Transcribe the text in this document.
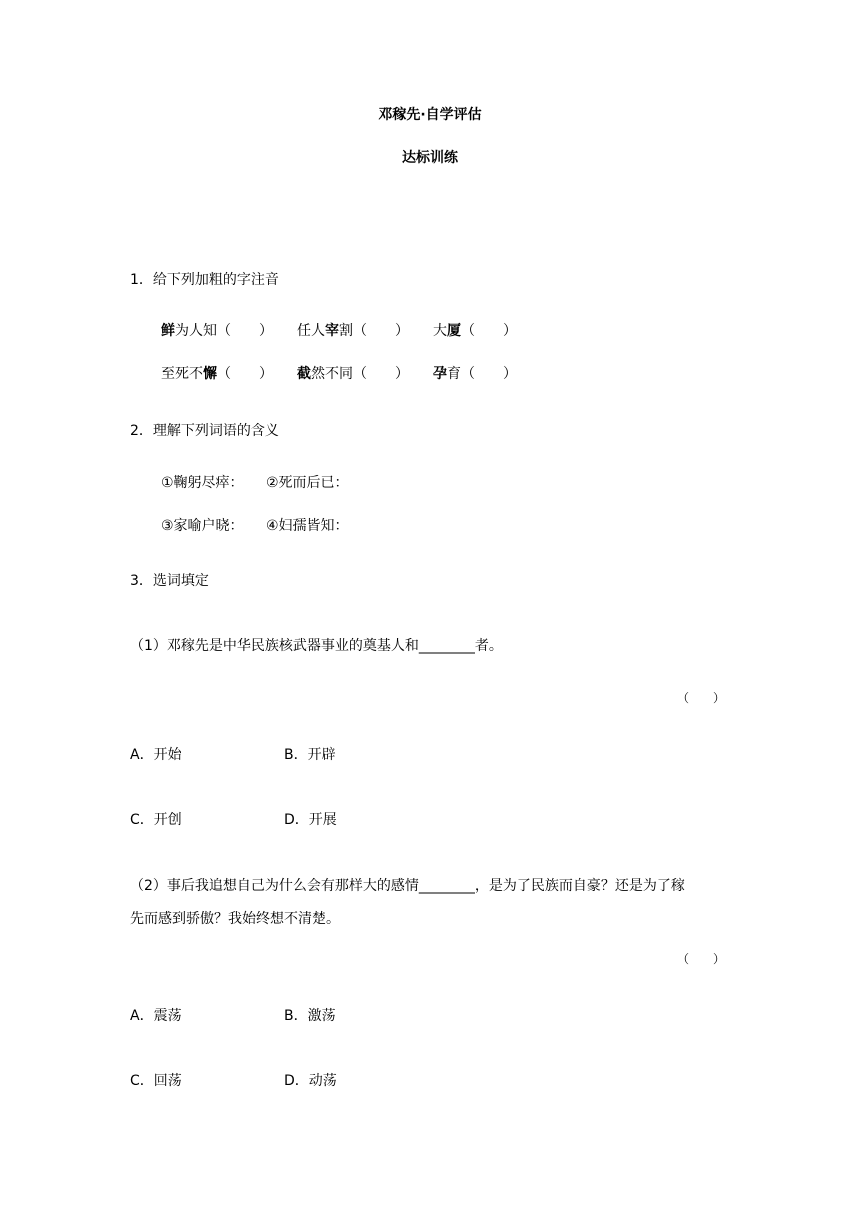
邓稼先·自学评估
达标训练
1．给下列加粗的字注音
鲜为人知（　　） 任人宰割（　　） 大厦（　　）
至死不懈（　　） 截然不同（　　） 孕育（　　）
2．理解下列词语的含义
①鞠躬尽瘁： ②死而后已：
③家喻户晓： ④妇孺皆知：
3．选词填定
（1）邓稼先是中华民族核武器事业的奠基人和________者。
（　　）
A．开始	B．开辟
C．开创	D．开展
（2）事后我追想自己为什么会有那样大的感情________，是为了民族而自豪？还是为了稼
先而感到骄傲？我始终想不清楚。
（　　）
A．震荡	B．激荡
C．回荡	D．动荡
